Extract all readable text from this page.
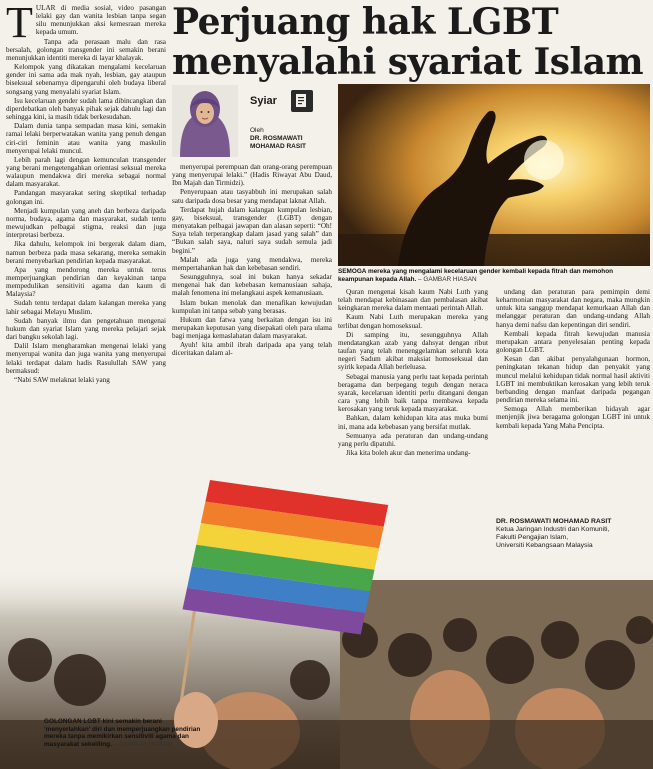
Perjuang hak LGBT
menyalahi syariat Islam

TULAR di media sosial, video pasangan lelaki gay dan wanita lesbian tanpa segan silu menunjukkan aksi kemesraan mereka kepada umum.

Tanpa ada perasaan malu dan rasa bersalah, golongan transgender ini semakin berani menunjukkan identiti mereka di layar khalayak.

Kelompok yang dikatakan mengalami kecelaruan gender ini sama ada mak nyah, lesbian, gay ataupun biseksual sebenarnya dipengaruhi oleh budaya liberal songsang yang menyalahi syariat Islam.

Isu kecelaruan gender sudah lama dibincangkan dan diperdebatkan oleh banyak pihak sejak dahulu lagi dan sehingga kini, ia masih tidak berkesudahan.

Dalam dunia tanpa sempadan masa kini, semakin ramai lelaki berperwatakan wanita yang penuh dengan ciri-ciri feminin atau wanita yang maskulin menyerupai lelaki muncul.

Lebih parah lagi dengan kemunculan transgender yang berani mengetengahkan orientasi seksual mereka walaupun mendakwa diri mereka sebagai normal dalam masyarakat.

Pandangan masyarakat sering skeptikal terhadap golongan ini.

Menjadi kumpulan yang aneh dan berbeza daripada norma, budaya, agama dan masyarakat, sudah tentu mewujudkan pelbagai stigma, reaksi dan juga interpretasi berbeza.

Jika dahulu, kelompok ini bergerak dalam diam, namun berbeza pada masa sekarang, mereka semakin berani menyebarkan pendirian kepada masyarakat.

Apa yang mendorong mereka untuk terus memperjuangkan pendirian dan keyakinan tanpa mempedulikan sensitiviti agama dan kaum di Malaysia?

Sudah tentu terdapat dalam kalangan mereka yang lahir sebagai Melayu Muslim.

Sudah banyak ilmu dan pengetahuan mengenai hukum dan syariat Islam yang mereka pelajari sejak dari bangku sekolah lagi.

Dalil Islam mengharamkan mengenai lelaki yang menyerupai wanita dan juga wanita yang menyerupai lelaki terdapat dalam hadis Rasulullah SAW yang bermaksud:

“Nabi SAW melaknat lelaki yang

Syiar
Oleh
DR. ROSMAWATI
MOHAMAD RASIT
SEMOGA mereka yang mengalami kecelaruan gender kembali kepada fitrah dan memohon keampunan kepada Allah. – GAMBAR HIASAN

menyerupai perempuan dan orang-orang perempuan yang menyerupai lelaki.” (Hadis Riwayat Abu Daud, Ibn Majah dan Tirmidzi).

Penyerupaan atau tasyabbuh ini merupakan salah satu daripada dosa besar yang mendapat laknat Allah.

Terdapat hujah dalam kalangan kumpulan lesbian, gay, biseksual, transgender (LGBT) dengan menyatakan pelbagai jawapan dan alasan seperti: “Oh! Saya telah terperangkap dalam jasad yang salah” dan “Bukan salah saya, naluri saya sudah semula jadi begini.”

Malah ada juga yang mendakwa, mereka mempertahankan hak dan kebebasan sendiri.

Sesungguhnya, soal ini bukan hanya sekadar mengenai hak dan kebebasan kemanusiaan sahaja, malah fenomena ini melangkaui aspek kemanusiaan.

Islam bukan menolak dan menafikan kewujudan kumpulan ini tanpa sebab yang berasas.

Hukum dan fatwa yang berkaitan dengan isu ini merupakan keputusan yang disepakati oleh para ulama bagi menjaga kemaslahatan dalam masyarakat.

Ayuh! kita ambil ibrah daripada apa yang telah diceritakan dalam al-

Quran mengenai kisah kaum Nabi Luth yang telah mendapat kebinasaan dan pembalasan akibat keingkaran mereka dalam mentaati perintah Allah.

Kaum Nabi Luth merupakan mereka yang terlibat dengan homoseksual.

Di samping itu, sesungguhnya Allah mendatangkan azab yang dahsyat dengan ribut taufan yang telah menenggelamkan seluruh kota negeri Sadum akibat maksiat homoseksual dan syirik kepada Allah berleluasa.

Sebagai manusia yang perlu taat kepada perintah beragama dan berpegang teguh dengan neraca syarak, kecelaruan identiti perlu ditangani dengan cara yang lebih baik tanpa membawa kepada kerosakan yang teruk kepada masyarakat.

Bahkan, dalam kehidupan kita atas muka bumi ini, mana ada kebebasan yang bersifat mutlak.

Semuanya ada peraturan dan undang-undang yang perlu dipatuhi.

Jika kita boleh akur dan menerima undang-

undang dan peraturan para pemimpin demi keharmonian masyarakat dan negara, maka mungkin untuk kita sanggup mendapat kemurkaan Allah dan melanggar peraturan dan undang-undang Allah hanya demi nafsu dan kepentingan diri sendiri.

Kembali kepada fitrah kewujudan manusia merupakan antara penyelesaian penting kepada golongan LGBT.

Kesan dan akibat penyalahgunaan hormon, peningkatan tekanan hidup dan penyakit yang muncul melalui kehidupan tidak normal hasil aktiviti LGBT ini membuktikan kerosakan yang lebih teruk berbanding dengan manfaat daripada pegangan pendirian mereka selama ini.

Semoga Allah memberikan hidayah agar menjenjik jiwa beragama golongan LGBT ini untuk kembali kepada Yang Maha Pencipta.

DR. ROSMAWATI MOHAMAD RASIT
Ketua Jaringan Industri dan Komuniti,
Fakulti Pengajian Islam,
Universiti Kebangsaan Malaysia
GOLONGAN LGBT kini semakin berani ‘menyerlahkan’ diri dan memperjuangkan pendirian mereka tanpa memikirkan sensitiviti agama dan masyarakat sekeliling. – GAMBAR HIASAN
